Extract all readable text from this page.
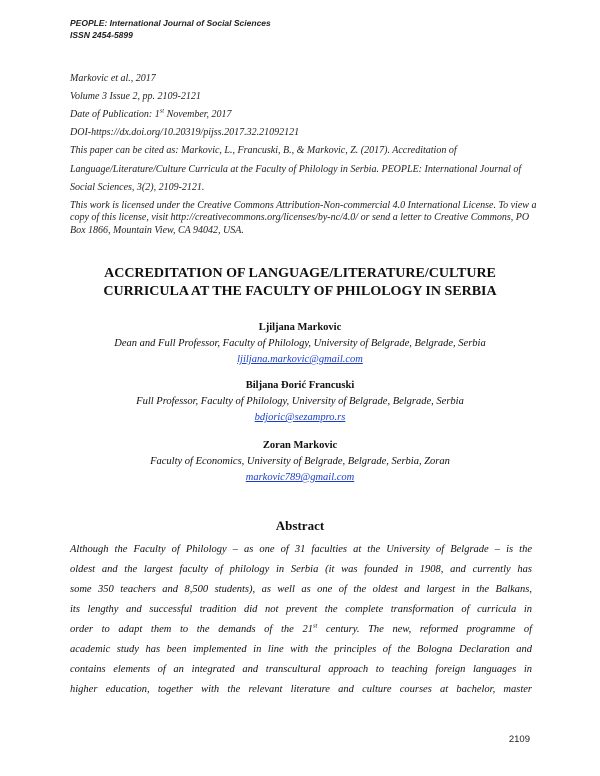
PEOPLE: International Journal of Social Sciences
ISSN 2454-5899
Markovic et al., 2017
Volume 3 Issue 2, pp. 2109-2121
Date of Publication: 1st November, 2017
DOI-https://dx.doi.org/10.20319/pijss.2017.32.21092121
This paper can be cited as: Markovic, L., Francuski, B., & Markovic, Z. (2017). Accreditation of Language/Literature/Culture Curricula at the Faculty of Philology in Serbia. PEOPLE: International Journal of Social Sciences, 3(2), 2109-2121.
This work is licensed under the Creative Commons Attribution-Non-commercial 4.0 International License. To view a copy of this license, visit http://creativecommons.org/licenses/by-nc/4.0/ or send a letter to Creative Commons, PO Box 1866, Mountain View, CA 94042, USA.
ACCREDITATION OF LANGUAGE/LITERATURE/CULTURE
CURRICULA AT THE FACULTY OF PHILOLOGY IN SERBIA
Ljiljana Markovic
Dean and Full Professor, Faculty of Philology, University of Belgrade, Belgrade, Serbia
ljiljana.markovic@gmail.com
Biljana Đorić Francuski
Full Professor, Faculty of Philology, University of Belgrade, Belgrade, Serbia
bdjoric@sezampro.rs
Zoran Markovic
Faculty of Economics, University of Belgrade, Belgrade, Serbia, Zoran
markovic789@gmail.com
Abstract
Although the Faculty of Philology – as one of 31 faculties at the University of Belgrade – is the
oldest and the largest faculty of philology in Serbia (it was founded in 1908, and currently has
some 350 teachers and 8,500 students), as well as one of the oldest and largest in the Balkans,
its lengthy and successful tradition did not prevent the complete transformation of curricula in
order to adapt them to the demands of the 21st century. The new, reformed programme of
academic study has been implemented in line with the principles of the Bologna Declaration and
contains elements of an integrated and transcultural approach to teaching foreign languages in
higher education, together with the relevant literature and culture courses at bachelor, master
2109
